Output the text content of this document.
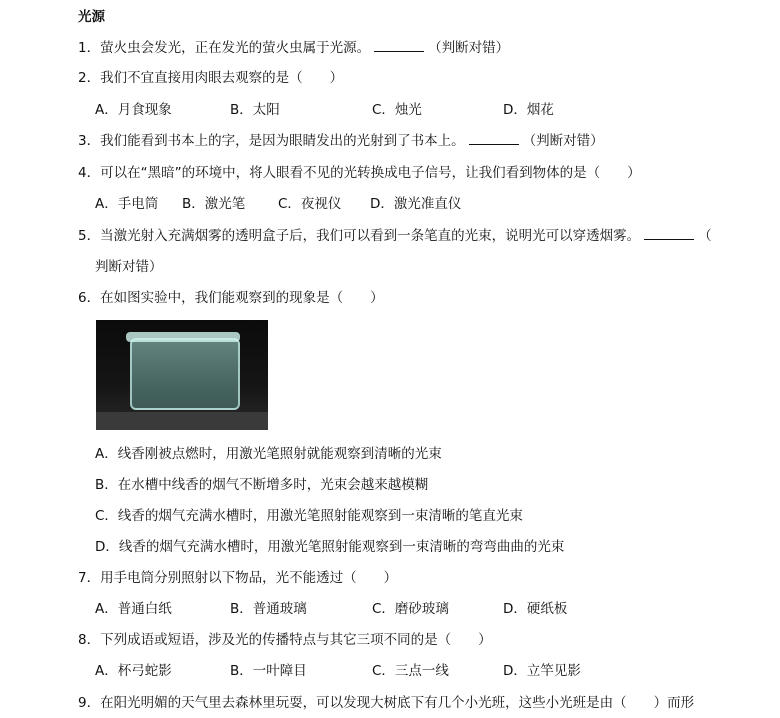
光源
1．萤火虫会发光，正在发光的萤火虫属于光源。	（判断对错）
2．我们不宜直接用肉眼去观察的是（　　）
A．月食现象	B．太阳	C．烛光	D．烟花
3．我们能看到书本上的字，是因为眼睛发出的光射到了书本上。	（判断对错）
4．可以在“黑暗”的环境中，将人眼看不见的光转换成电子信号，让我们看到物体的是（　　）
A．手电筒 B．激光笔 C．夜视仪 D．激光准直仪
5．当激光射入充满烟雾的透明盒子后，我们可以看到一条笔直的光束，说明光可以穿透烟雾。	（
判断对错）
6．在如图实验中，我们能观察到的现象是（　　）
A．线香刚被点燃时，用激光笔照射就能观察到清晰的光束
B．在水槽中线香的烟气不断增多时，光束会越来越模糊
C．线香的烟气充满水槽时，用激光笔照射能观察到一束清晰的笔直光束
D．线香的烟气充满水槽时，用激光笔照射能观察到一束清晰的弯弯曲曲的光束
7．用手电筒分别照射以下物品，光不能透过（　　）
A．普通白纸	B．普通玻璃	C．磨砂玻璃	D．硬纸板
8．下列成语或短语，涉及光的传播特点与其它三项不同的是（　　）
A．杯弓蛇影	B．一叶障目	C．三点一线	D．立竿见影
9．在阳光明媚的天气里去森林里玩耍，可以发现大树底下有几个小光班，这些小光班是由（　　）而形
